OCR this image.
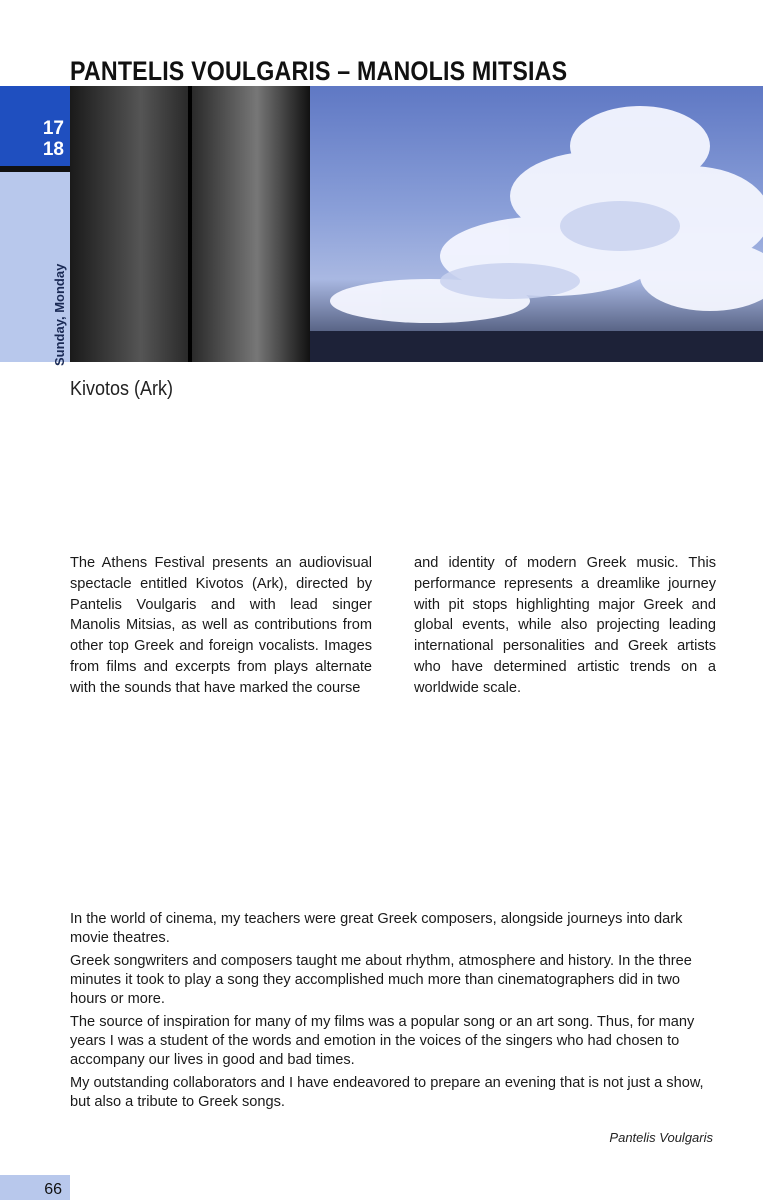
PANTELIS VOULGARIS – MANOLIS MITSIAS
17
18
Sunday, Monday
Kivotos (Ark)

The Athens Festival presents an audiovisual spectacle entitled Kivotos (Ark), directed by Pantelis Voulgaris and with lead singer Manolis Mitsias, as well as contributions from other top Greek and foreign vocalists. Images from films and excerpts from plays alternate with the sounds that have marked the course

and identity of modern Greek music. This performance represents a dreamlike journey with pit stops highlighting major Greek and global events, while also projecting leading international personalities and Greek artists who have determined artistic trends on a worldwide scale.

In the world of cinema, my teachers were great Greek composers, alongside journeys into dark movie theatres.

Greek songwriters and composers taught me about rhythm, atmosphere and history. In the three minutes it took to play a song they accomplished much more than cinematographers did in two hours or more.

The source of inspiration for many of my films was a popular song or an art song. Thus, for many years I was a student of the words and emotion in the voices of the singers who had chosen to accompany our lives in good and bad times.

My outstanding collaborators and I have endeavored to prepare an evening that is not just a show, but also a tribute to Greek songs.

Pantelis Voulgaris
66
